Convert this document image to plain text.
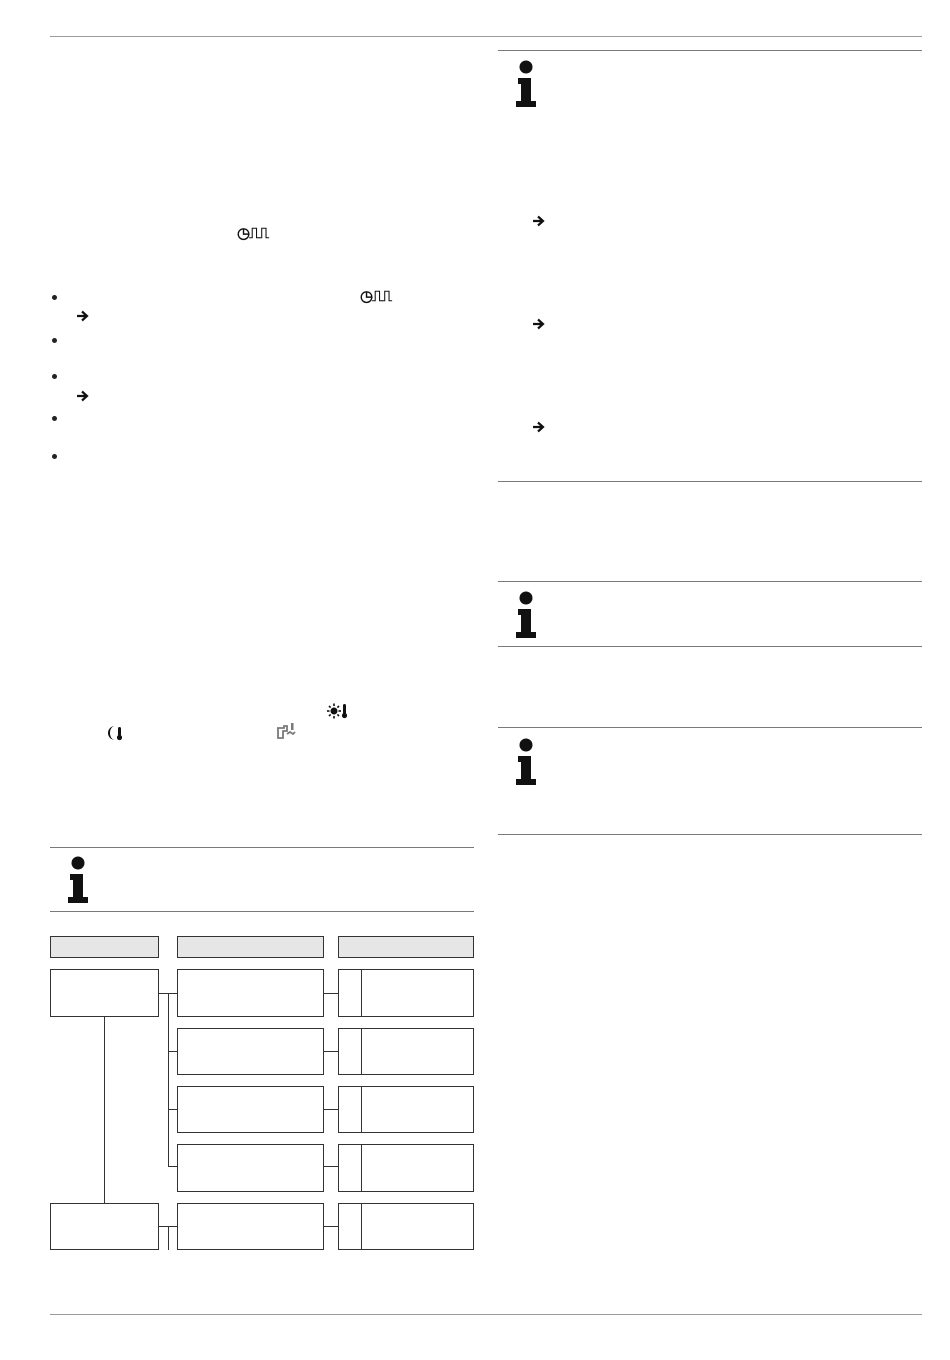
◷⎍⎍
◷⎍⎍
